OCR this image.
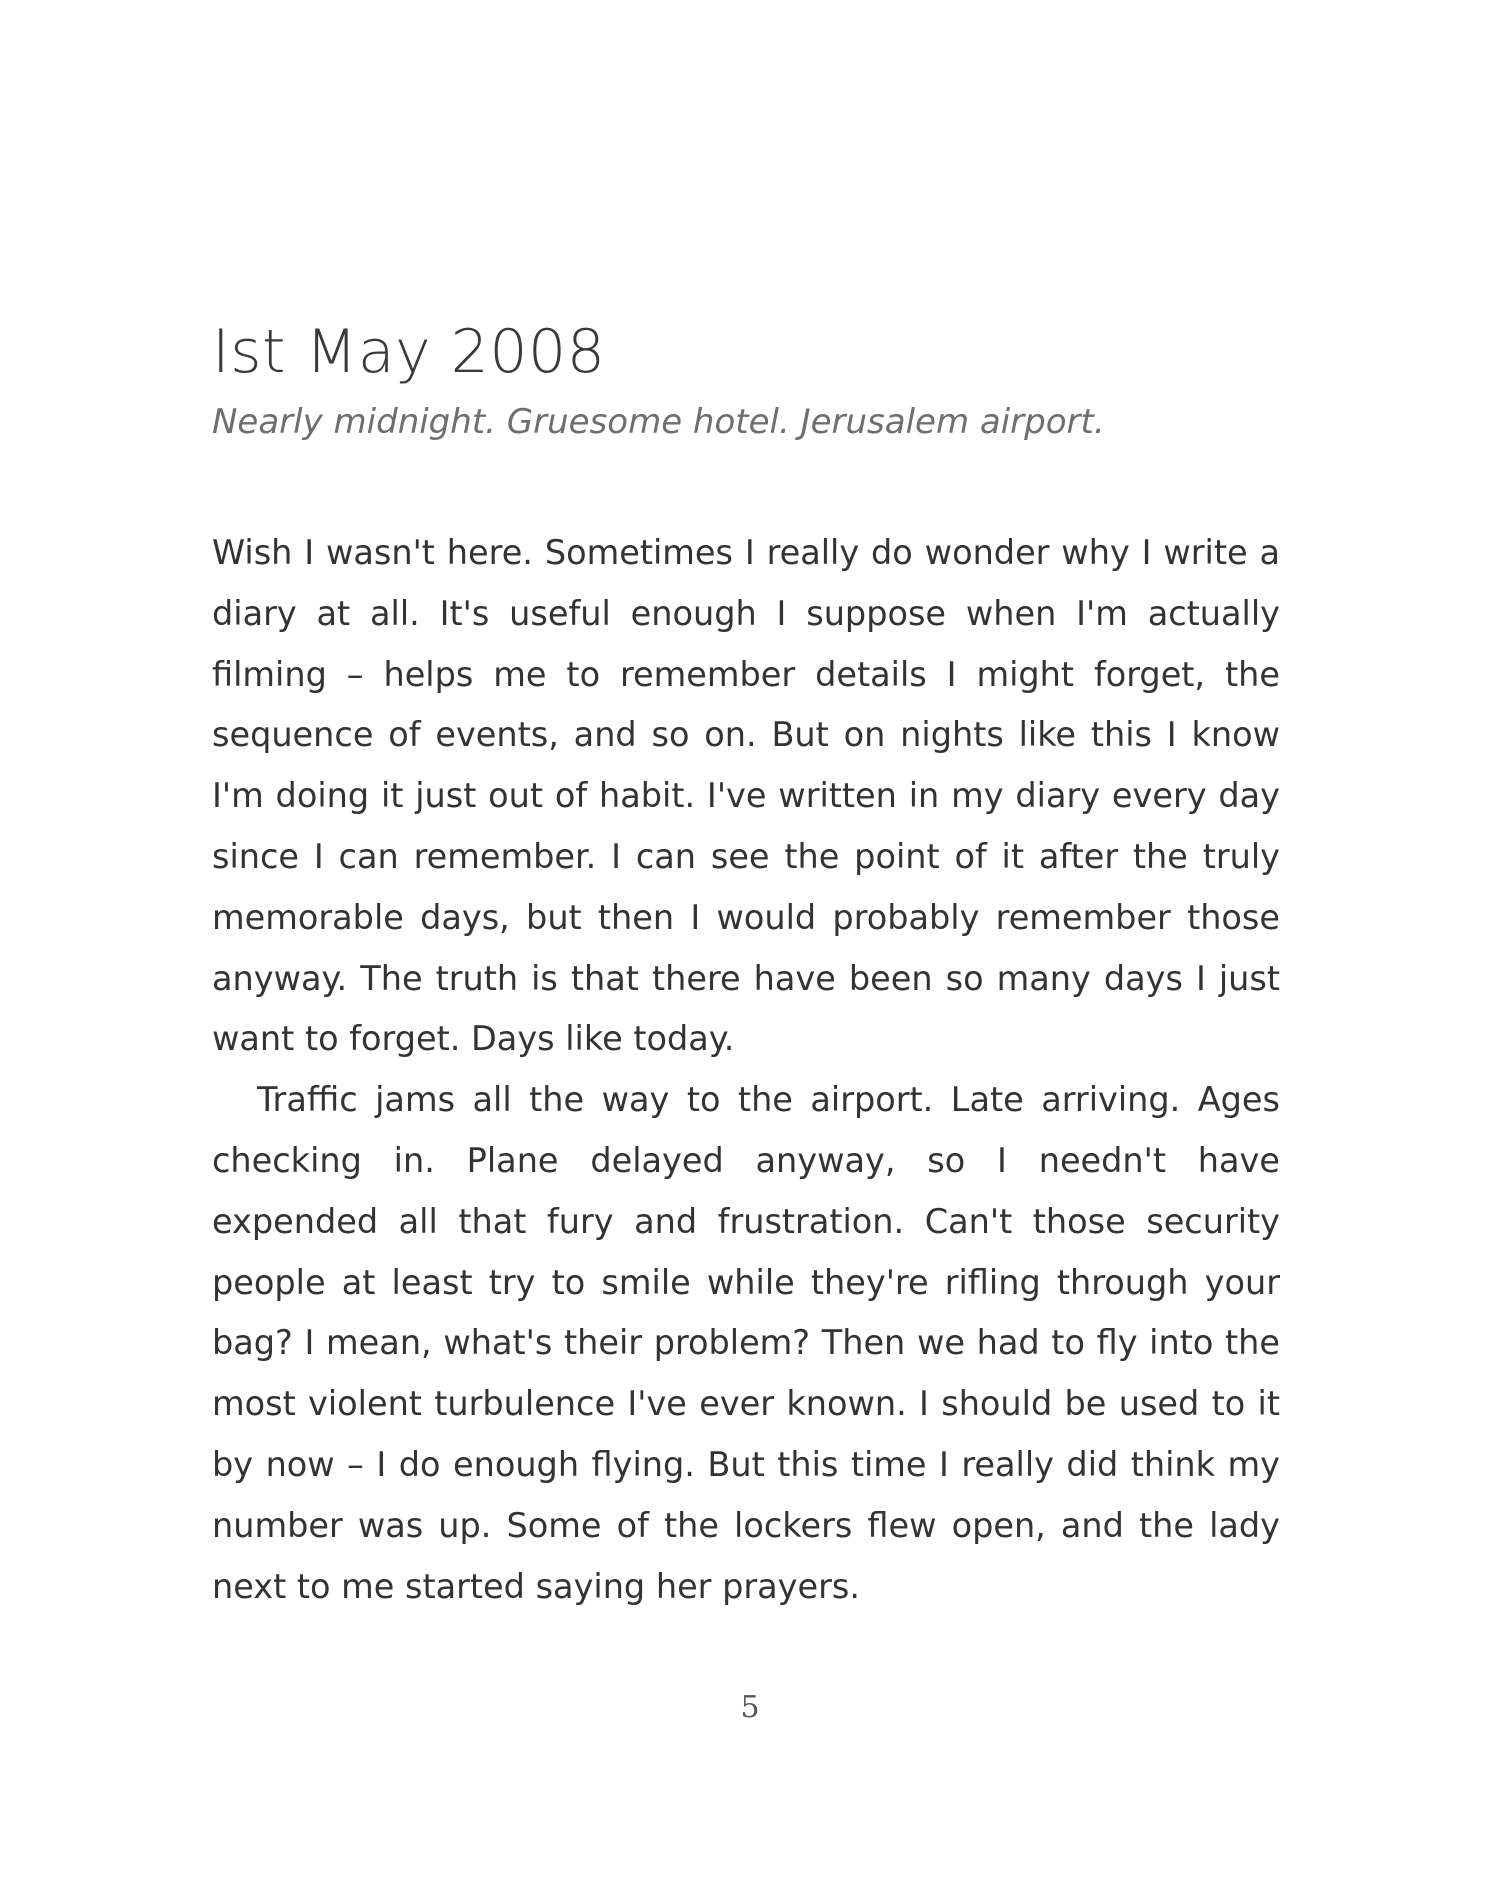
Ist May 2008

Nearly midnight. Gruesome hotel. Jerusalem airport.

Wish I wasn't here. Sometimes I really do wonder why I write a diary at all. It's useful enough I suppose when I'm actually filming – helps me to remember details I might forget, the sequence of events, and so on. But on nights like this I know I'm doing it just out of habit. I've written in my diary every day since I can remember. I can see the point of it after the truly memorable days, but then I would probably remember those anyway. The truth is that there have been so many days I just want to forget. Days like today.

Traffic jams all the way to the airport. Late arriving. Ages checking in. Plane delayed anyway, so I needn't have expended all that fury and frustration. Can't those security people at least try to smile while they're rifling through your bag? I mean, what's their problem? Then we had to fly into the most violent turbulence I've ever known. I should be used to it by now – I do enough flying. But this time I really did think my number was up. Some of the lockers flew open, and the lady next to me started saying her prayers.

5
